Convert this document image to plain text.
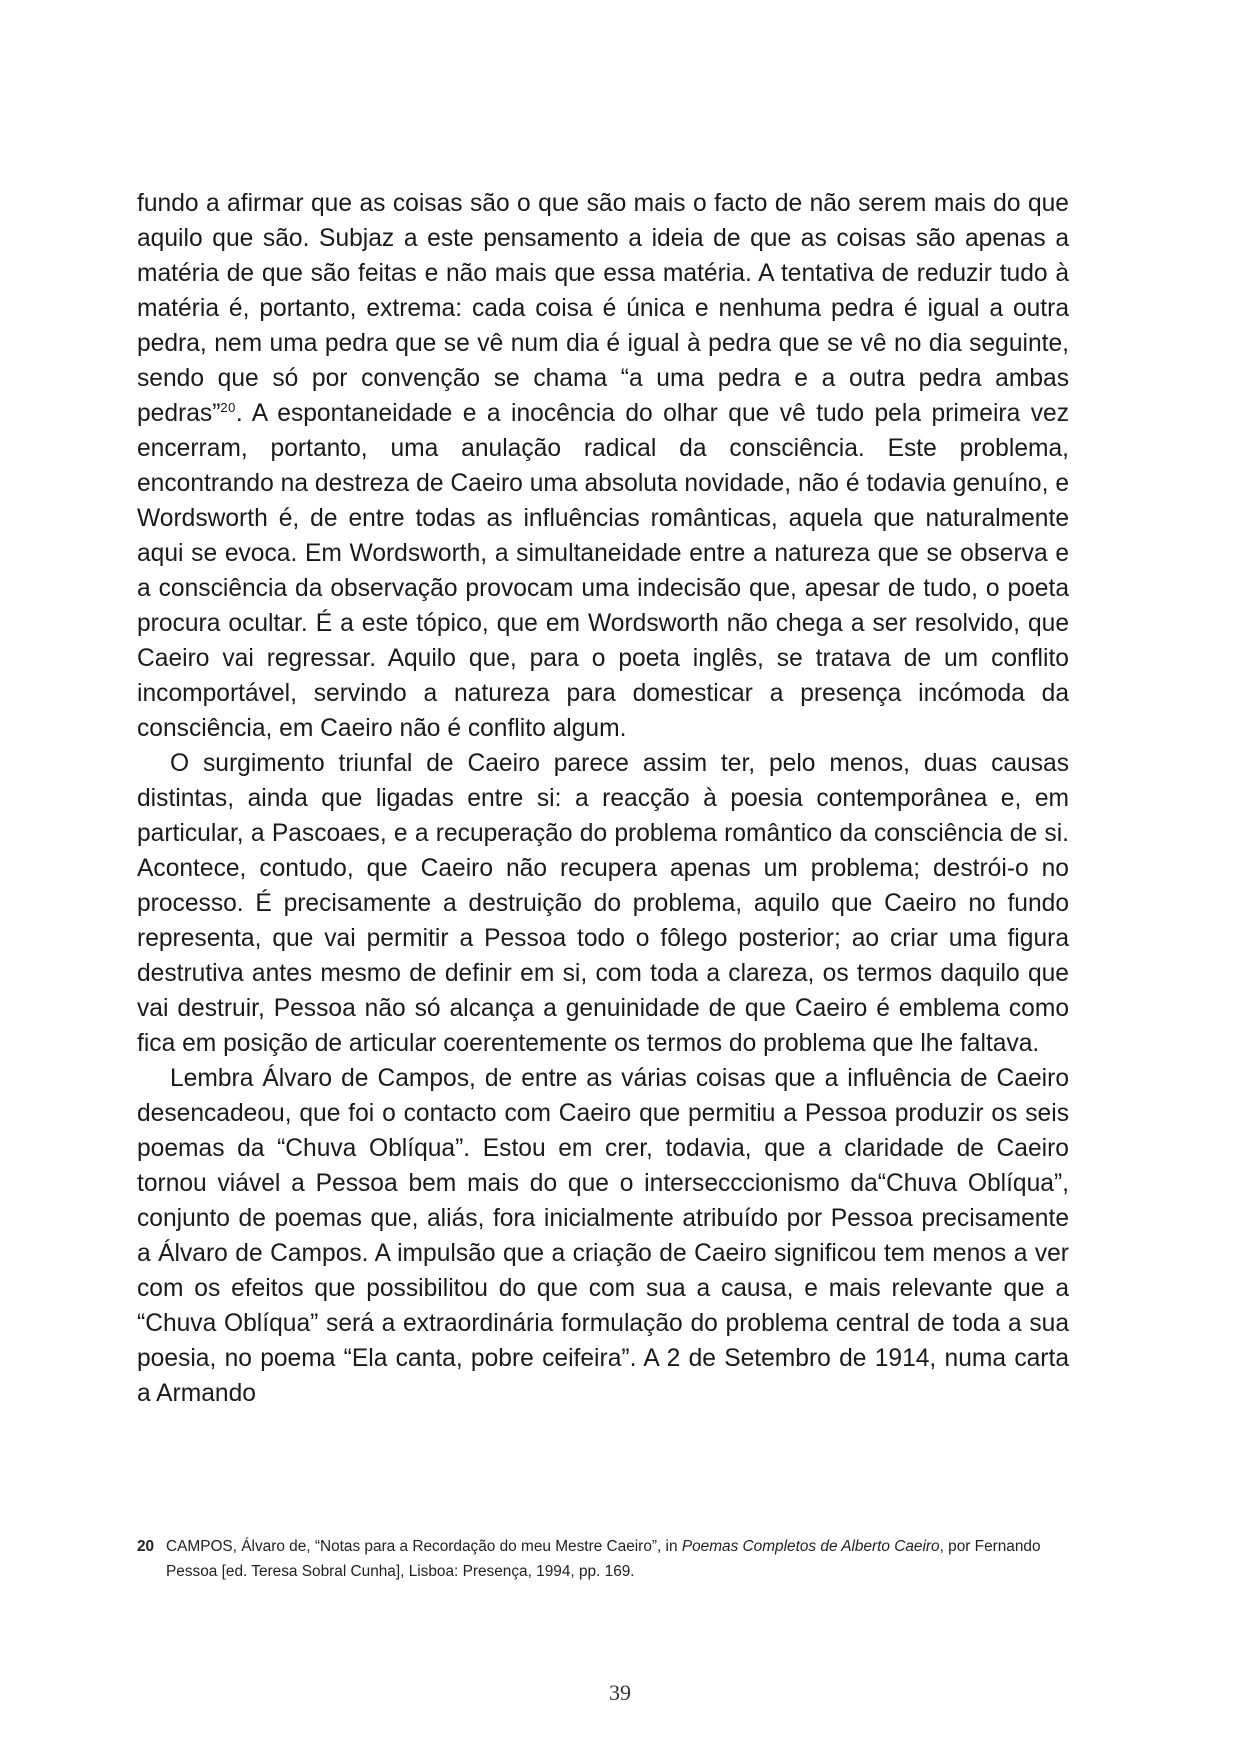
fundo a afirmar que as coisas são o que são mais o facto de não serem mais do que aquilo que são. Subjaz a este pensamento a ideia de que as coisas são apenas a matéria de que são feitas e não mais que essa matéria. A tentativa de reduzir tudo à matéria é, portanto, extrema: cada coisa é única e nenhuma pedra é igual a outra pedra, nem uma pedra que se vê num dia é igual à pedra que se vê no dia seguinte, sendo que só por convenção se chama “a uma pedra e a outra pedra ambas pedras”$^{20}$. A espontaneidade e a inocência do olhar que vê tudo pela primeira vez encerram, portanto, uma anulação radical da consciência. Este problema, encontrando na destreza de Caeiro uma absoluta novidade, não é todavia genuíno, e Wordsworth é, de entre todas as influências românticas, aquela que naturalmente aqui se evoca. Em Wordsworth, a simultaneidade entre a natureza que se observa e a consciência da observação provocam uma indecisão que, apesar de tudo, o poeta procura ocultar. É a este tópico, que em Wordsworth não chega a ser resolvido, que Caeiro vai regressar. Aquilo que, para o poeta inglês, se tratava de um conflito incomportável, servindo a natureza para domesticar a presença incómoda da consciência, em Caeiro não é conflito algum.

O surgimento triunfal de Caeiro parece assim ter, pelo menos, duas causas distintas, ainda que ligadas entre si: a reacção à poesia contemporânea e, em particular, a Pascoaes, e a recuperação do problema romântico da consciência de si. Acontece, contudo, que Caeiro não recupera apenas um problema; destrói-o no processo. É precisamente a destruição do problema, aquilo que Caeiro no fundo representa, que vai permitir a Pessoa todo o fôlego posterior; ao criar uma figura destrutiva antes mesmo de definir em si, com toda a clareza, os termos daquilo que vai destruir, Pessoa não só alcança a genuinidade de que Caeiro é emblema como fica em posição de articular coerentemente os termos do problema que lhe faltava.

Lembra Álvaro de Campos, de entre as várias coisas que a influência de Caeiro desencadeou, que foi o contacto com Caeiro que permitiu a Pessoa produzir os seis poemas da “Chuva Oblíqua”. Estou em crer, todavia, que a claridade de Caeiro tornou viável a Pessoa bem mais do que o intersecccionismo da“Chuva Oblíqua”, conjunto de poemas que, aliás, fora inicialmente atribuído por Pessoa precisamente a Álvaro de Campos. A impulsão que a criação de Caeiro significou tem menos a ver com os efeitos que possibilitou do que com sua a causa, e mais relevante que a “Chuva Oblíqua” será a extraordinária formulação do problema central de toda a sua poesia, no poema “Ela canta, pobre ceifeira”. A 2 de Setembro de 1914, numa carta a Armando

20 CAMPOS, Álvaro de, “Notas para a Recordação do meu Mestre Caeiro”, in Poemas Completos de Alberto Caeiro, por Fernando Pessoa [ed. Teresa Sobral Cunha], Lisboa: Presença, 1994, pp. 169.
39
